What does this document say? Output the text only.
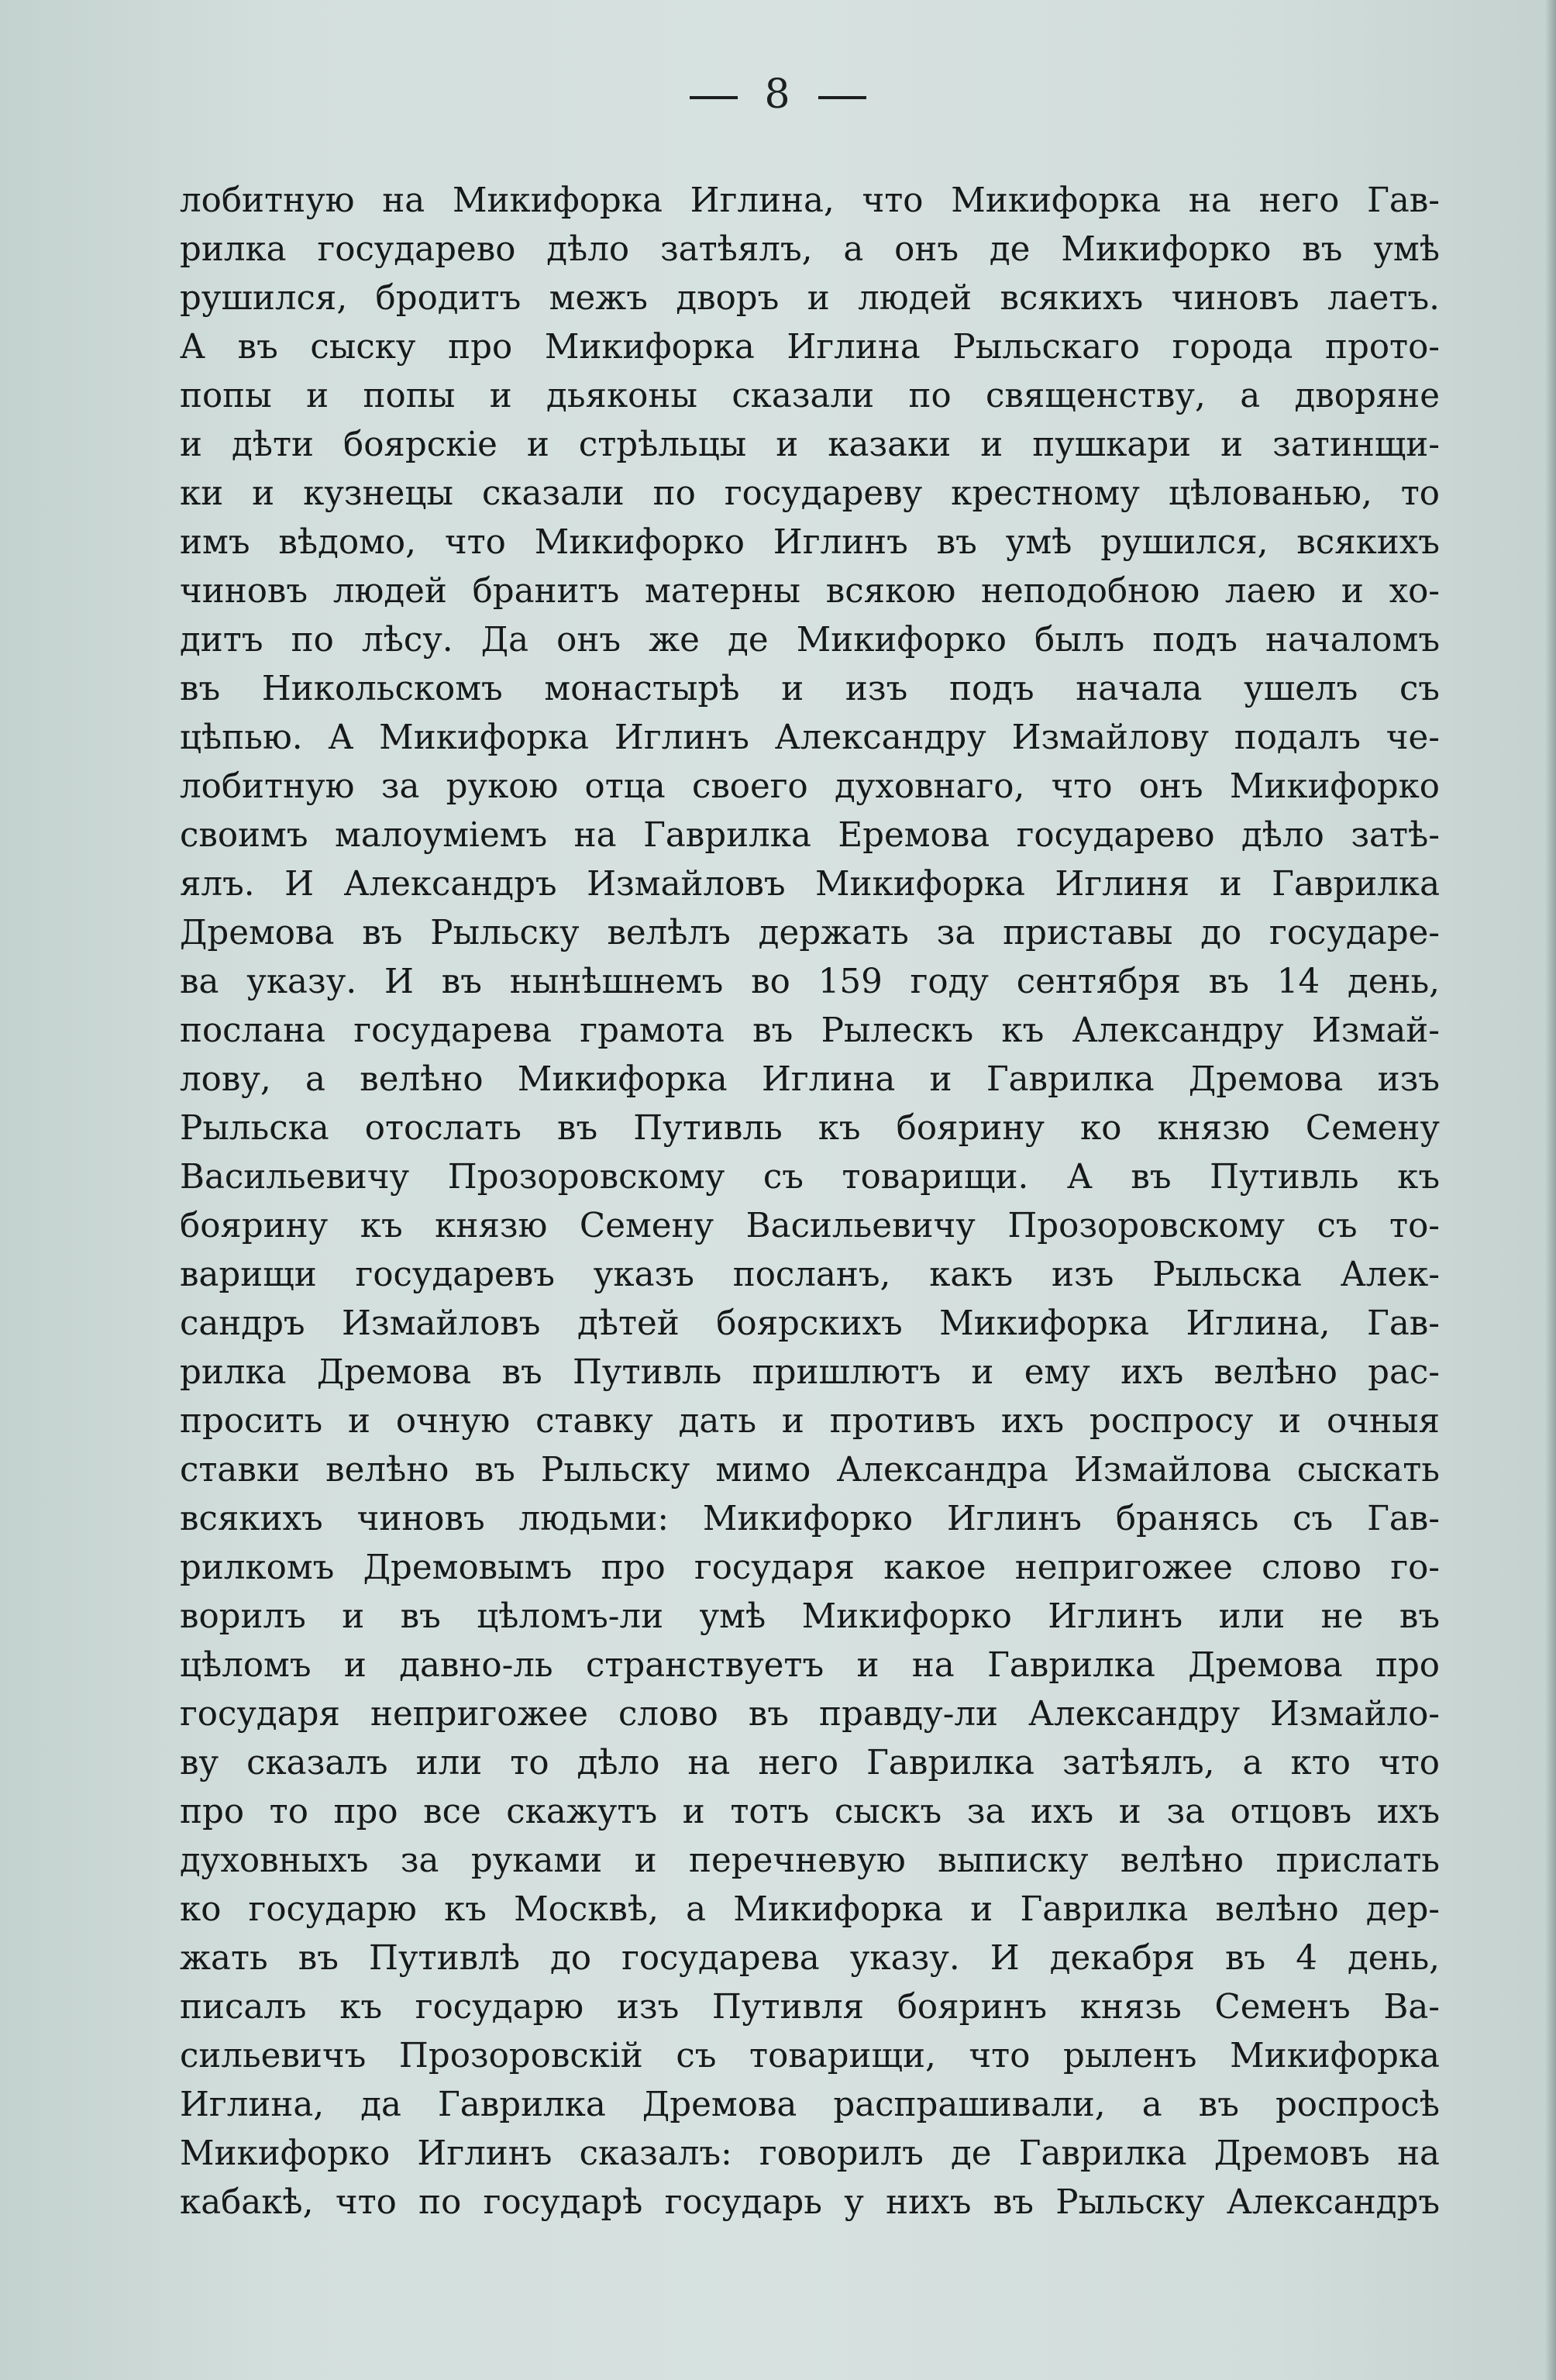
8
лобитную на Микифорка Иглина, что Микифорка на него Гав-
рилка государево дѣло затѣялъ, а онъ де Микифорко въ умѣ
рушился, бродитъ межъ дворъ и людей всякихъ чиновъ лаетъ.
А въ сыску про Микифорка Иглина Рыльскаго города прото-
попы и попы и дьяконы сказали по священству, а дворяне
и дѣти боярскіе и стрѣльцы и казаки и пушкари и затинщи-
ки и кузнецы сказали по государеву крестному цѣлованью, то
имъ вѣдомо, что Микифорко Иглинъ въ умѣ рушился, всякихъ
чиновъ людей бранитъ матерны всякою неподобною лаею и хо-
дитъ по лѣсу. Да онъ же де Микифорко былъ подъ началомъ
въ Никольскомъ монастырѣ и изъ подъ начала ушелъ съ
цѣпью. А Микифорка Иглинъ Александру Измайлову подалъ че-
лобитную за рукою отца своего духовнаго, что онъ Микифорко
своимъ малоуміемъ на Гаврилка Еремова государево дѣло затѣ-
ялъ. И Александръ Измайловъ Микифорка Иглиня и Гаврилка
Дремова въ Рыльску велѣлъ держать за приставы до государе-
ва указу. И въ нынѣшнемъ во 159 году сентября въ 14 день,
послана государева грамота въ Рылескъ къ Александру Измай-
лову, а велѣно Микифорка Иглина и Гаврилка Дремова изъ
Рыльска отослать въ Путивль къ боярину ко князю Семену
Васильевичу Прозоровскому съ товарищи. А въ Путивль къ
боярину къ князю Семену Васильевичу Прозоровскому съ то-
варищи государевъ указъ посланъ, какъ изъ Рыльска Алек-
сандръ Измайловъ дѣтей боярскихъ Микифорка Иглина, Гав-
рилка Дремова въ Путивль пришлютъ и ему ихъ велѣно рас-
просить и очную ставку дать и противъ ихъ роспросу и очныя
ставки велѣно въ Рыльску мимо Александра Измайлова сыскать
всякихъ чиновъ людьми: Микифорко Иглинъ бранясь съ Гав-
рилкомъ Дремовымъ про государя какое непригожее слово го-
ворилъ и въ цѣломъ-ли умѣ Микифорко Иглинъ или не въ
цѣломъ и давно-ль странствуетъ и на Гаврилка Дремова про
государя непригожее слово въ правду-ли Александру Измайло-
ву сказалъ или то дѣло на него Гаврилка затѣялъ, а кто что
про то про все скажутъ и тотъ сыскъ за ихъ и за отцовъ ихъ
духовныхъ за руками и перечневую выписку велѣно прислать
ко государю къ Москвѣ, а Микифорка и Гаврилка велѣно дер-
жать въ Путивлѣ до государева указу. И декабря въ 4 день,
писалъ къ государю изъ Путивля бояринъ князь Семенъ Ва-
сильевичъ Прозоровскій съ товарищи, что рыленъ Микифорка
Иглина, да Гаврилка Дремова распрашивали, а въ роспросѣ
Микифорко Иглинъ сказалъ: говорилъ де Гаврилка Дремовъ на
кабакѣ, что по государѣ государь у нихъ въ Рыльску Александръ
